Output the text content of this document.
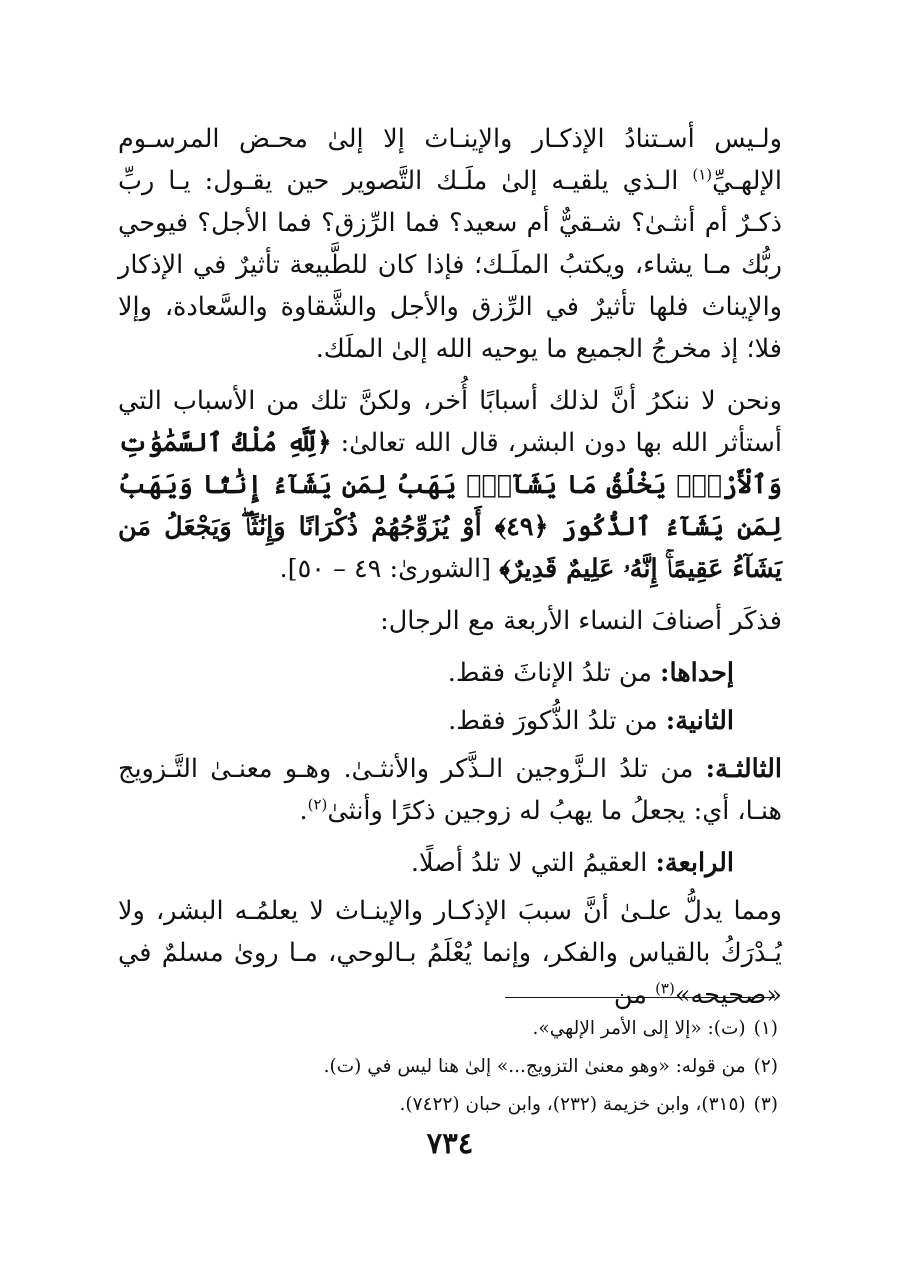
ولـيس أسـتنادُ الإذكـار والإينـاث إلا إلىٰ محـض المرسـوم الإلهـيِّ$^{(١)}$ الـذي يلقيـه إلىٰ ملَـك التَّصوير حين يقـول: يـا ربِّ ذكـرٌ أم أنثـىٰ؟ شـقيٌّ أم سعيد؟ فما الرِّزق؟ فما الأجل؟ فيوحي ربُّك مـا يشاء، ويكتبُ الملَـك؛ فإذا كان للطَّبيعة تأثيرٌ في الإذكار والإيناث فلها تأثيرٌ في الرِّزق والأجل والشَّقاوة والسَّعادة، وإلا فلا؛ إذ مخرجُ الجميع ما يوحيه الله إلىٰ الملَك.

ونحن لا ننكرُ أنَّ لذلك أسبابًا أُخر، ولكنَّ تلك من الأسباب التي أستأثر الله بها دون البشر، قال الله تعالىٰ: ﴿لِّلَّهِ مُلْكُ ٱلسَّمَٰوَٰتِ وَٱلْأَرْضِۚ يَخْلُقُ مَا يَشَآءُۚ يَهَبُ لِمَن يَشَآءُ إِنَٰثًا وَيَهَبُ لِمَن يَشَآءُ ٱلذُّكُورَ ﴿٤٩﴾ أَوْ يُزَوِّجُهُمْ ذُكْرَانًا وَإِنَٰثًاۖ وَيَجْعَلُ مَن يَشَآءُ عَقِيمًاۚ إِنَّهُۥ عَلِيمٌ قَدِيرٌ﴾ [الشورىٰ: ٤٩ – ٥٠].

فذكَر أصنافَ النساء الأربعة مع الرجال:

إحداها: من تلدُ الإناثَ فقط.

الثانية: من تلدُ الذُّكورَ فقط.

الثالثـة: من تلدُ الـزَّوجين الـذَّكر والأنثـىٰ. وهـو معنـىٰ التَّـزويج هنـا، أي: يجعلُ ما يهبُ له زوجين ذكرًا وأنثىٰ$^{(٢)}$.

الرابعة: العقيمُ التي لا تلدُ أصلًا.

ومما يدلُّ علـىٰ أنَّ سببَ الإذكـار والإينـاث لا يعلمُـه البشر، ولا يُـدْرَكُ بالقياس والفكر، وإنما يُعْلَمُ بـالوحي، مـا روىٰ مسلمٌ في «صحيحه»$^{(٣)}$ من

(١)(ت): «إلا إلى الأمر الإلهي».
(٢)من قوله: «وهو معنىٰ التزويج...» إلىٰ هنا ليس في (ت).
(٣)(٣١٥)، وابن خزيمة (٢٣٢)، وابن حبان (٧٤٢٢).
٧٣٤
